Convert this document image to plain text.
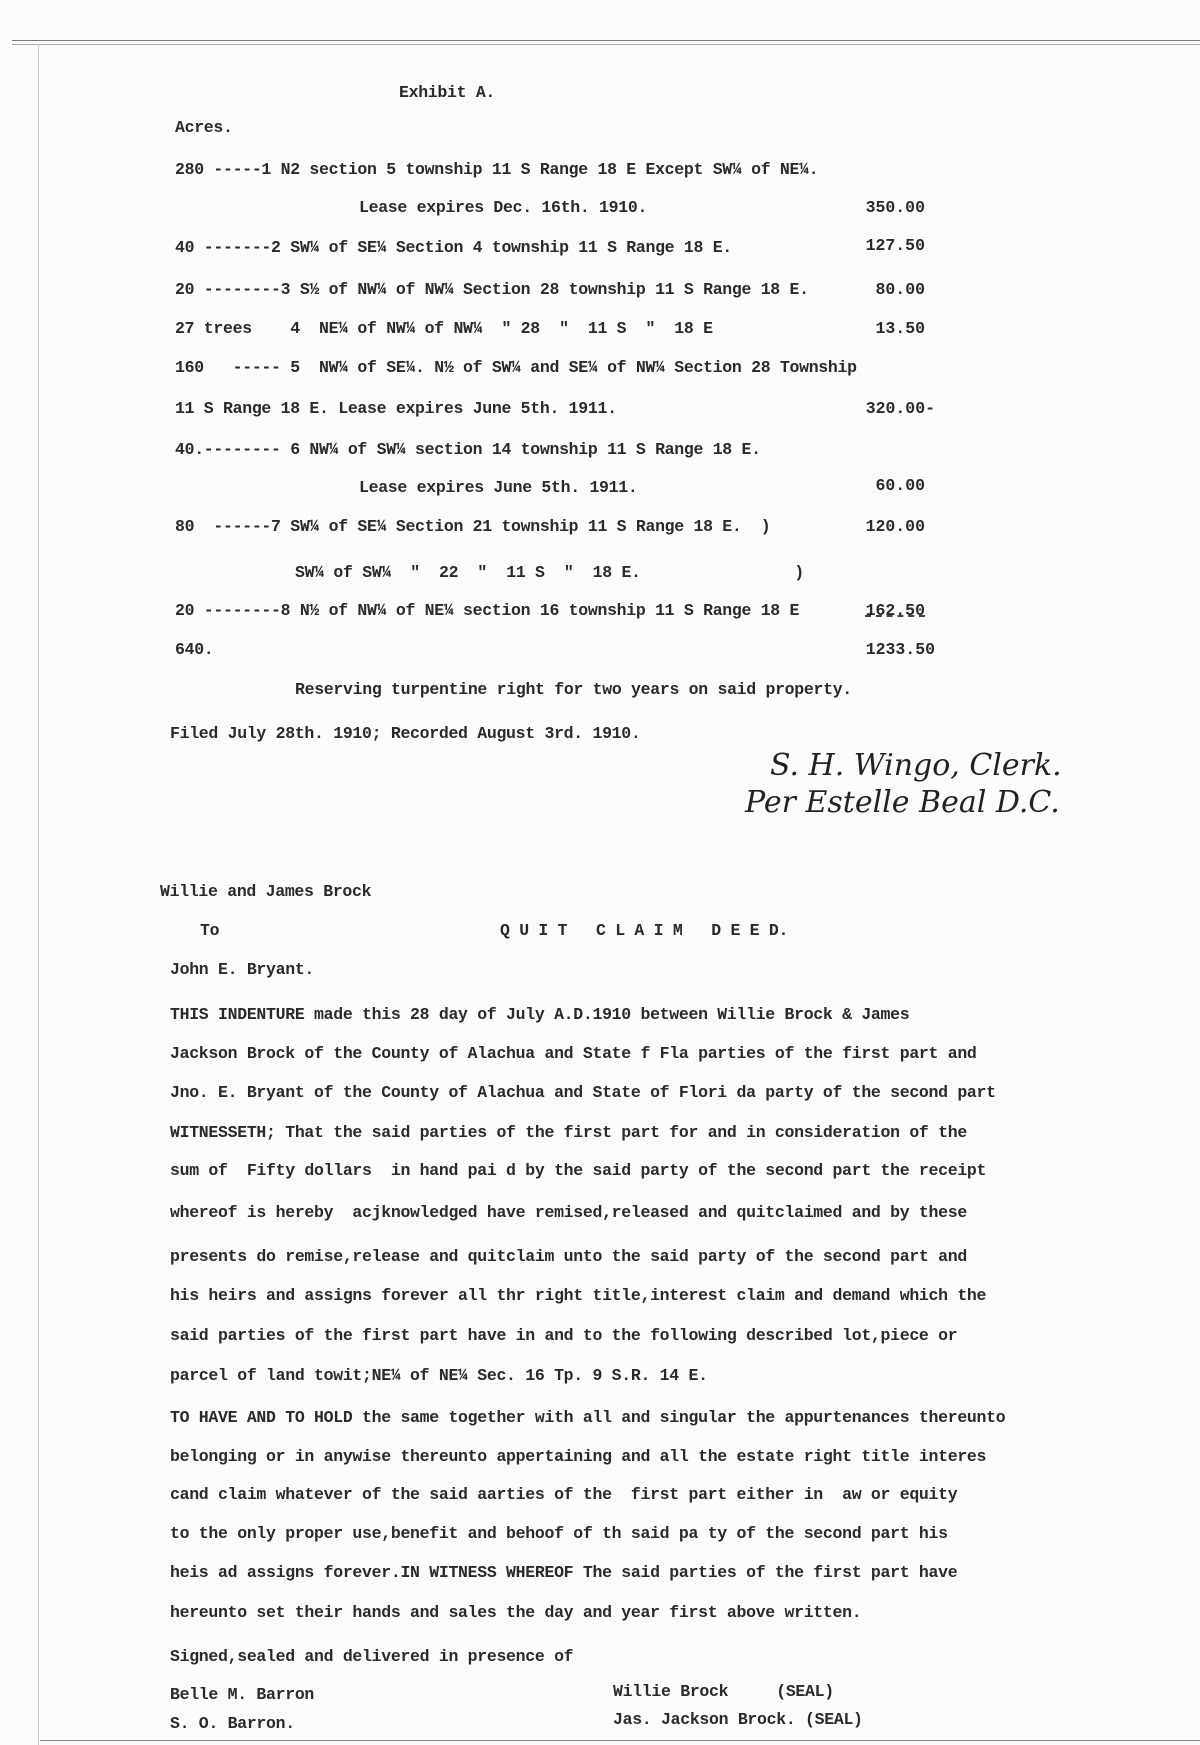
Exhibit A.
Acres.
280 -----1 N2 section 5 township 11 S Range 18 E Except SW¼ of NE¼.
Lease expires Dec. 16th. 1910.	350.00
40 -------2 SW¼ of SE¼ Section 4 township 11 S Range 18 E.	127.50
20 --------3 S½ of NW¼ of NW¼ Section 28 township 11 S Range 18 E.	80.00
27 trees    4  NE¼ of NW¼ of NW¼  " 28  "  11 S  "  18 E	13.50
160   ----- 5  NW¼ of SE¼. N½ of SW¼ and SE¼ of NW¼ Section 28 Township
11 S Range 18 E. Lease expires June 5th. 1911.	320.00-
40.-------- 6 NW¼ of SW¼ section 14 township 11 S Range 18 E.
Lease expires June 5th. 1911.	60.00
80  ------7 SW¼ of SE¼ Section 21 township 11 S Range 18 E.  )	120.00
SW¼ of SW¼  "  22  "  11 S  "  18 E.                )
20 --------8 N½ of NW¼ of NE¼ section 16 township 11 S Range 18 E	162.50
640.	1233.50
Reserving turpentine right for two years on said property.
Filed July 28th. 1910; Recorded August 3rd. 1910.
S. H. Wingo, Clerk.
Per Estelle Beal D.C.
Willie and James Brock
To	Q U I T   C L A I M   D E E D.
John E. Bryant.
THIS INDENTURE made this 28 day of July A.D.1910 between Willie Brock & James
Jackson Brock of the County of Alachua and State f Fla parties of the first part and
Jno. E. Bryant of the County of Alachua and State of Flori da party of the second part
WITNESSETH; That the said parties of the first part for and in consideration of the
sum of  Fifty dollars  in hand pai d by the said party of the second part the receipt
whereof is hereby  acjknowledged have remised,released and quitclaimed and by these
presents do remise,release and quitclaim unto the said party of the second part and
his heirs and assigns forever all thr right title,interest claim and demand which the
said parties of the first part have in and to the following described lot,piece or
parcel of land towit;NE¼ of NE¼ Sec. 16 Tp. 9 S.R. 14 E.
TO HAVE AND TO HOLD the same together with all and singular the appurtenances thereunto
belonging or in anywise thereunto appertaining and all the estate right title interes
cand claim whatever of the said aarties of the  first part either in  aw or equity
to the only proper use,benefit and behoof of th said pa ty of the second part his
heis ad assigns forever.IN WITNESS WHEREOF The said parties of the first part have
hereunto set their hands and sales the day and year first above written.
Signed,sealed and delivered in presence of
Belle M. Barron
S. O. Barron.
Willie Brock     (SEAL)
Jas. Jackson Brock. (SEAL)
